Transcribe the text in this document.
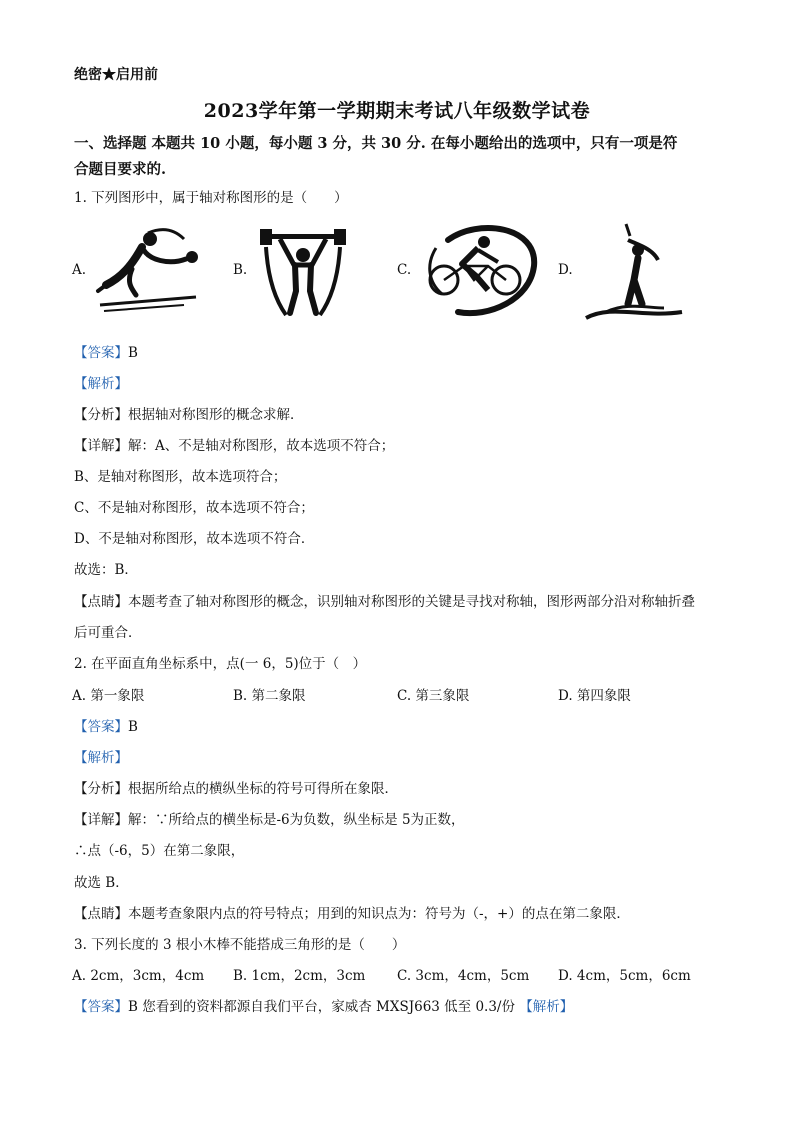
绝密★启用前
2023学年第一学期期末考试八年级数学试卷
一、选择题 本题共 10 小题，每小题 3 分，共 30 分. 在每小题给出的选项中，只有一项是符
合题目要求的.
1. 下列图形中，属于轴对称图形的是（　　）
A.	B.	C.	D.
【答案】B
【解析】
【分析】根据轴对称图形的概念求解．
【详解】解：A、不是轴对称图形，故本选项不符合；
B、是轴对称图形，故本选项符合；
C、不是轴对称图形，故本选项不符合；
D、不是轴对称图形，故本选项不符合．
故选：B．
【点睛】本题考查了轴对称图形的概念，识别轴对称图形的关键是寻找对称轴，图形两部分沿对称轴折叠
后可重合．
2. 在平面直角坐标系中，点(一 6，5)位于（　）
A. 第一象限	B. 第二象限	C. 第三象限	D. 第四象限
【答案】B
【解析】
【分析】根据所给点的横纵坐标的符号可得所在象限．
【详解】解：∵所给点的横坐标是-6为负数，纵坐标是 5为正数，
∴点（-6，5）在第二象限，
故选 B．
【点睛】本题考查象限内点的符号特点；用到的知识点为：符号为（-，+）的点在第二象限．
3. 下列长度的 3 根小木棒不能搭成三角形的是（　　）
A. 2cm，3cm，4cm B. 1cm，2cm，3cm C. 3cm，4cm，5cm D. 4cm，5cm，6cm
【答案】B 您看到的资料都源自我们平台，家威杏 MXSJ663 低至 0.3/份 【解析】
